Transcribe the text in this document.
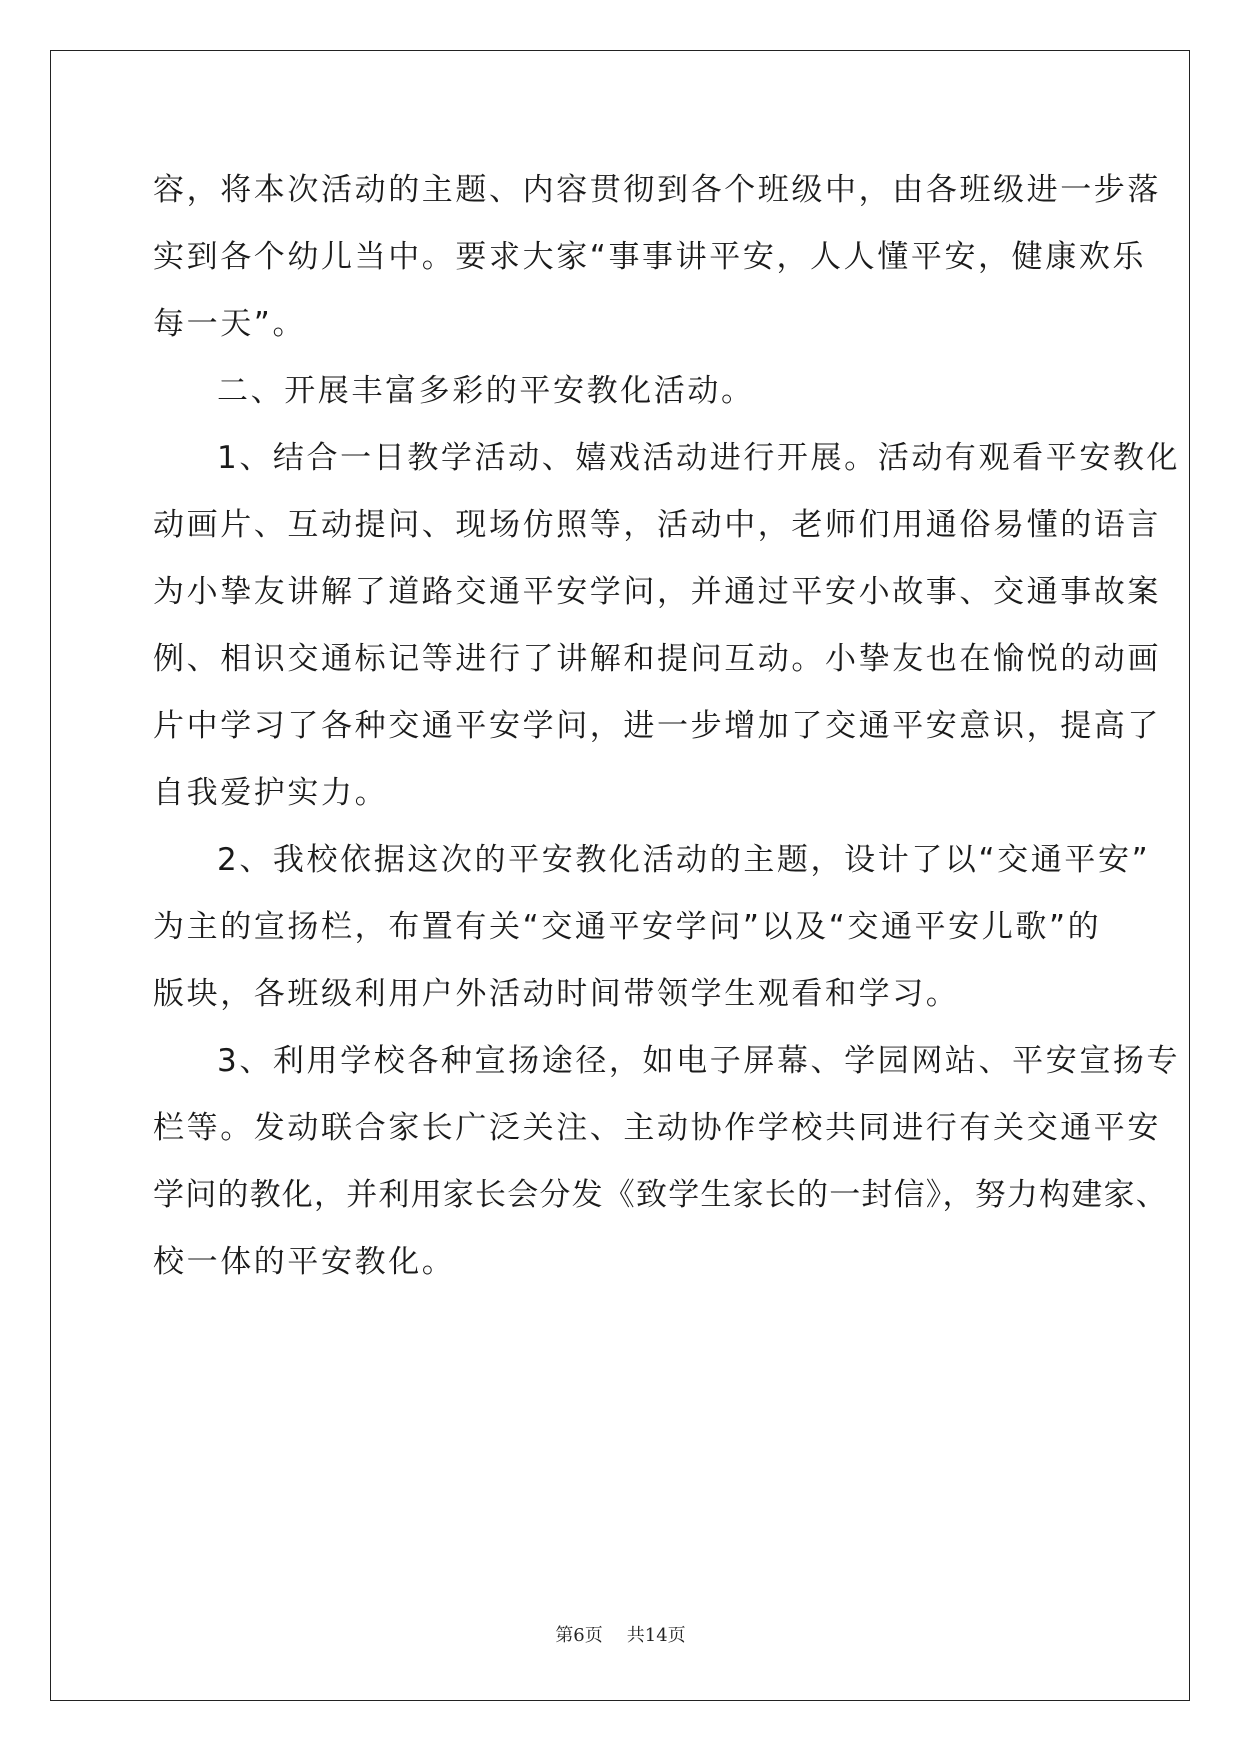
容，将本次活动的主题、内容贯彻到各个班级中，由各班级进一步落
实到各个幼儿当中。要求大家“事事讲平安，人人懂平安，健康欢乐
每一天”。
二、开展丰富多彩的平安教化活动。
1、结合一日教学活动、嬉戏活动进行开展。活动有观看平安教化
动画片、互动提问、现场仿照等，活动中，老师们用通俗易懂的语言
为小挚友讲解了道路交通平安学问，并通过平安小故事、交通事故案
例、相识交通标记等进行了讲解和提问互动。小挚友也在愉悦的动画
片中学习了各种交通平安学问，进一步增加了交通平安意识，提高了
自我爱护实力。
2、我校依据这次的平安教化活动的主题，设计了以“交通平安”
为主的宣扬栏，布置有关“交通平安学问”以及“交通平安儿歌”的
版块，各班级利用户外活动时间带领学生观看和学习。
3、利用学校各种宣扬途径，如电子屏幕、学园网站、平安宣扬专
栏等。发动联合家长广泛关注、主动协作学校共同进行有关交通平安
学问的教化，并利用家长会分发《致学生家长的一封信》，努力构建家、
校一体的平安教化。
第6页 共14页
